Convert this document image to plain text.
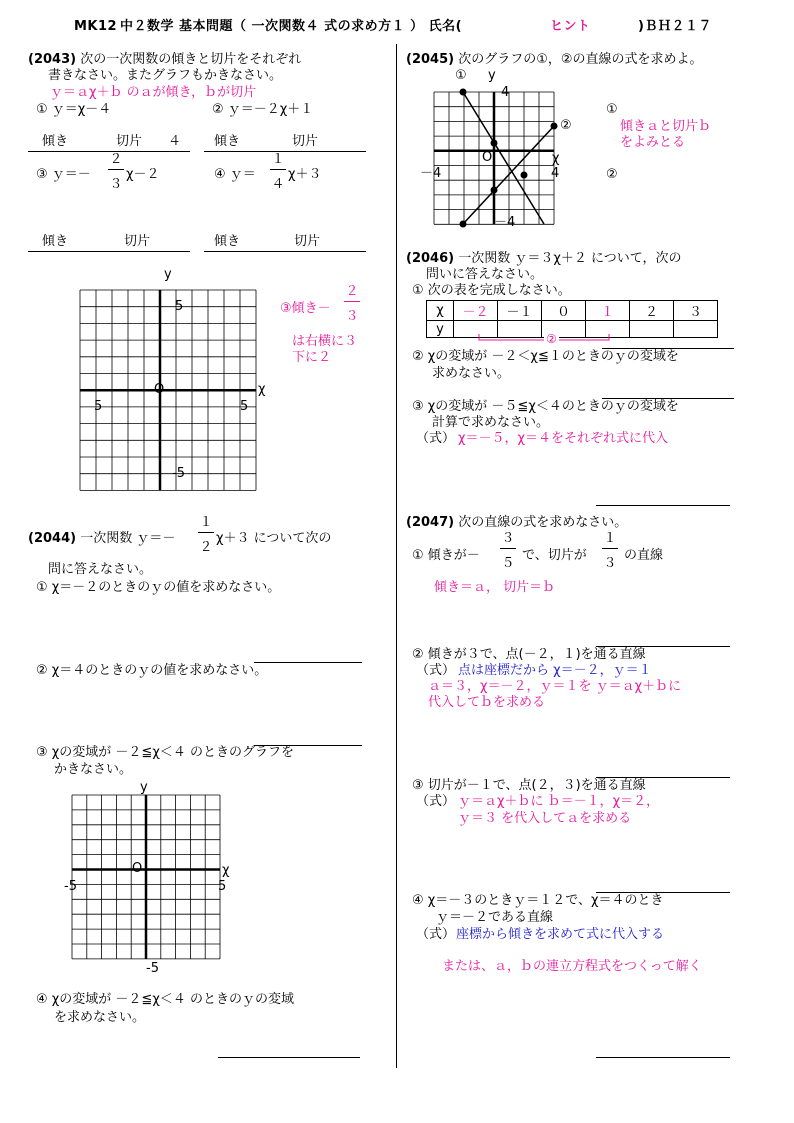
MK12 中２数学 基本問題（ 一次関数４ 式の求め方１ ） 氏名(	ヒント	)ＢＨ２１７
(2043) 次の一次関数の傾きと切片をそれぞれ
書きなさい。またグラフもかきなさい。
ｙ＝ａχ＋ｂ のａが傾き，ｂが切片
① ｙ＝χ－４	② ｙ＝－２χ＋１
傾き	切片 ４	傾き	切片
③ ｙ＝－
２
３
χ－２	④ ｙ＝
１
４
χ＋３
傾き	切片	傾き	切片
y
χ
O
5
5	5
-5
③傾き－
２
３
は右横に３
下に２
１
２
(2044) 一次関数 ｙ＝－	χ＋３ について次の
問に答えなさい。
① χ＝－２のときのｙの値を求めなさい。
② χ＝４のときのｙの値を求めなさい。
③ χの変域が －２≦χ＜４ のときのグラフを
かきなさい。
y
χ
O
-5	5
-5
④ χの変域が －２≦χ＜４ のときのｙの変域
を求めなさい。
(2045) 次のグラフの①，②の直線の式を求めよ。
① y
②
χ
O
4
－4	4
－4
①
傾きａと切片ｂ
をよみとる
②
(2046) 一次関数 ｙ＝３χ＋２ について，次の
問いに答えなさい。
① 次の表を完成しなさい。
χ	－２	－１	０	１	２	３
y						
②
② χの変域が －２＜χ≦１のときのｙの変域を
求めなさい。
③ χの変域が －５≦χ＜４のときのｙの変域を
計算で求めなさい。
（式） χ＝－５，χ＝４をそれぞれ式に代入
(2047) 次の直線の式を求めなさい。
① 傾きが－
３
５
で、切片が
１
３
の直線
傾き＝ａ， 切片＝ｂ
② 傾きが３で、点(－２，１)を通る直線
（式） 点は座標だから χ＝－２，ｙ＝１
ａ＝３，χ＝－２，ｙ＝１を ｙ＝ａχ＋ｂに
代入してｂを求める
③ 切片が－１で、点(２，３)を通る直線
（式） ｙ＝ａχ＋ｂに ｂ＝－１，χ＝２，
ｙ＝３ を代入してａを求める
④ χ＝－３のときｙ＝１２で、χ＝４のとき
ｙ＝－２である直線
（式） 座標から傾きを求めて式に代入する
または、ａ，ｂの連立方程式をつくって解く
